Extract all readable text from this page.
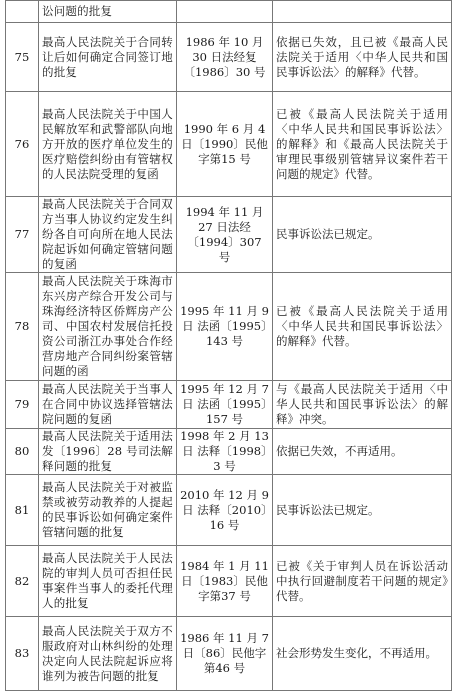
	讼问题的批复		
75	最高人民法院关于合同转让后如何确定合同签订地的批复	1986 年 10 月 30 日法经复〔1986〕30 号	依据已失效，且已被《最高人民法院关于适用〈中华人民共和国民事诉讼法〉的解释》代替。
76	最高人民法院关于中国人民解放军和武警部队向地方开放的医疗单位发生的医疗赔偿纠纷由有管辖权的人民法院受理的复函	1990 年 6 月 4 日〔1990〕民他字第15 号	已被《最高人民法院关于适用〈中华人民共和国民事诉讼法〉的解释》和《最高人民法院关于审理民事级别管辖异议案件若干问题的规定》代替。
77	最高人民法院关于合同双方当事人协议约定发生纠纷各自可向所在地人民法院起诉如何确定管辖问题的复函	1994 年 11 月 27 日法经〔1994〕307 号	民事诉讼法已规定。
78	最高人民法院关于珠海市东兴房产综合开发公司与珠海经济特区侨辉房产公司、中国农村发展信托投资公司浙江办事处合作经营房地产合同纠纷案管辖问题的函	1995 年 11 月 9 日 法函〔1995〕143 号	已被《最高人民法院关于适用〈中华人民共和国民事诉讼法〉的解释》代替。
79	最高人民法院关于当事人在合同中协议选择管辖法院问题的复函	1995 年 12 月 7 日 法函〔1995〕157 号	与《最高人民法院关于适用〈中华人民共和国民事诉讼法〉的解释》冲突。
80	最高人民法院关于适用法发〔1996〕28 号司法解释问题的批复	1998 年 2 月 13 日 法释〔1998〕3 号	依据已失效，不再适用。
81	最高人民法院关于对被监禁或被劳动教养的人提起的民事诉讼如何确定案件管辖问题的批复	2010 年 12 月 9 日 法释〔2010〕16 号	民事诉讼法已规定。
82	最高人民法院关于人民法院的审判人员可否担任民事案件当事人的委托代理人的批复	1984 年 1 月 11 日〔1983〕民他字第37 号	已被《关于审判人员在诉讼活动中执行回避制度若干问题的规定》代替。
83	最高人民法院关于双方不服政府对山林纠纷的处理决定向人民法院起诉应将谁列为被告问题的批复	1986 年 11 月 7 日〔86〕民他字第46 号	社会形势发生变化，不再适用。
